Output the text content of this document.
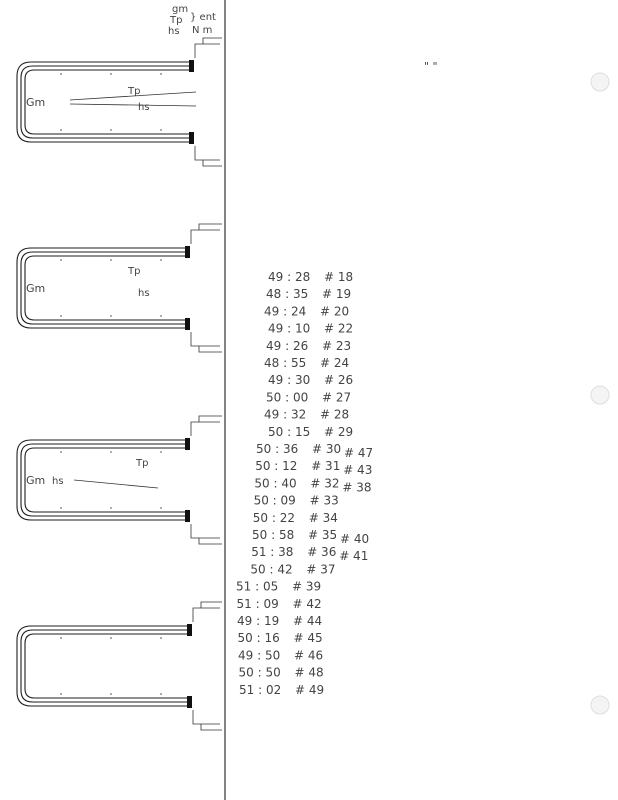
gm
Tp
hs
} ent
N m
" "
Gm
Tp
hs
Gm
Tp
hs
Gm
Tp
hs
49 : 28 # 18
48 : 35 # 19
49 : 24 # 20
49 : 10 # 22
49 : 26 # 23
48 : 55 # 24
49 : 30 # 26
50 : 00 # 27
49 : 32 # 28
50 : 15 # 29
50 : 36 # 30 # 47
50 : 12 # 31 # 43
50 : 40 # 32 # 38
50 : 09 # 33
50 : 22 # 34
50 : 58 # 35 # 40
51 : 38 # 36 # 41
50 : 42 # 37
51 : 05 # 39
51 : 09 # 42
49 : 19 # 44
50 : 16 # 45
49 : 50 # 46
50 : 50 # 48
51 : 02 # 49
